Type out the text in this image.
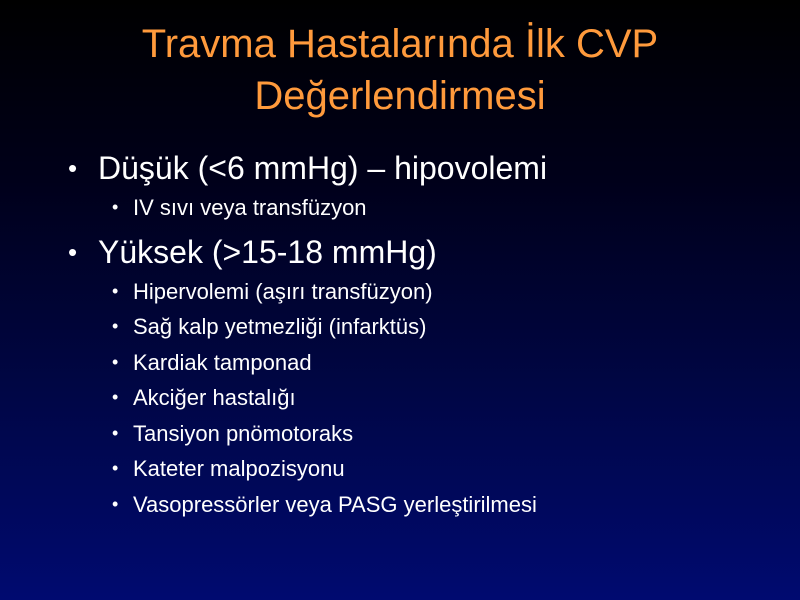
Travma Hastalarında İlk CVP
Değerlendirmesi
• Düşük (<6 mmHg) – hipovolemi
• IV sıvı veya transfüzyon
• Yüksek (>15-18 mmHg)
• Hipervolemi (aşırı transfüzyon)
• Sağ kalp yetmezliği (infarktüs)
• Kardiak tamponad
• Akciğer hastalığı
• Tansiyon pnömotoraks
• Kateter malpozisyonu
• Vasopressörler veya PASG yerleştirilmesi
